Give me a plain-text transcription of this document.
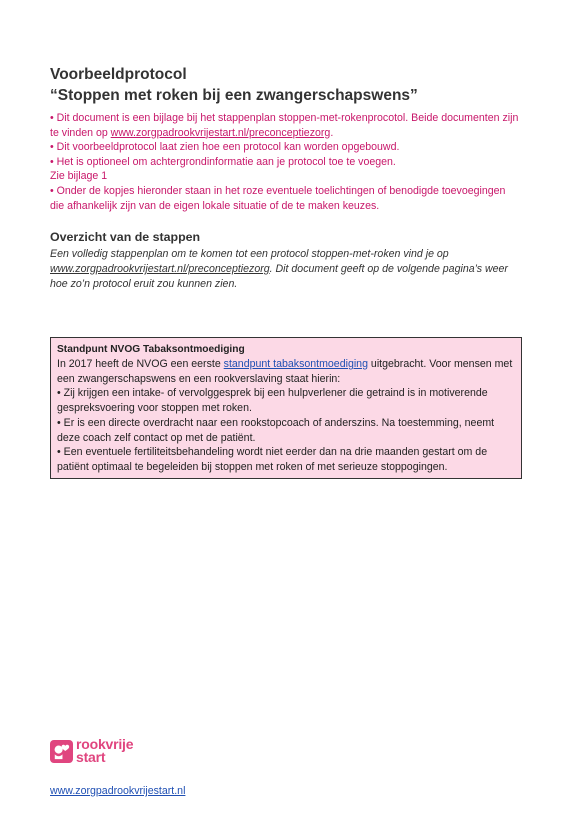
Voorbeeldprotocol
“Stoppen met roken bij een zwangerschapswens”
• Dit document is een bijlage bij het stappenplan stoppen-met-rokenprocotol. Beide documenten zijn te vinden op www.zorgpadrookvrijestart.nl/preconceptiezorg.
• Dit voorbeeldprotocol laat zien hoe een protocol kan worden opgebouwd.
• Het is optioneel om achtergrondinformatie aan je protocol toe te voegen.
Zie bijlage 1
• Onder de kopjes hieronder staan in het roze eventuele toelichtingen of benodigde toevoegingen die afhankelijk zijn van de eigen lokale situatie of de te maken keuzes.
Overzicht van de stappen
Een volledig stappenplan om te komen tot een protocol stoppen-met-roken vind je op www.zorgpadrookvrijestart.nl/preconceptiezorg. Dit document geeft op de volgende pagina’s weer hoe zo’n protocol eruit zou kunnen zien.
Standpunt NVOG Tabaksontmoediging
In 2017 heeft de NVOG een eerste standpunt tabaksontmoediging uitgebracht. Voor mensen met een zwangerschapswens en een rookverslaving staat hierin:
• Zij krijgen een intake- of vervolggesprek bij een hulpverlener die getraind is in motiverende gespreksvoering voor stoppen met roken.
• Er is een directe overdracht naar een rookstopcoach of anderszins. Na toestemming, neemt deze coach zelf contact op met de patiënt.
• Een eventuele fertiliteitsbehandeling wordt niet eerder dan na drie maanden gestart om de patiënt optimaal te begeleiden bij stoppen met roken of met serieuze stoppogingen.
rookvrije
start
www.zorgpadrookvrijestart.nl
